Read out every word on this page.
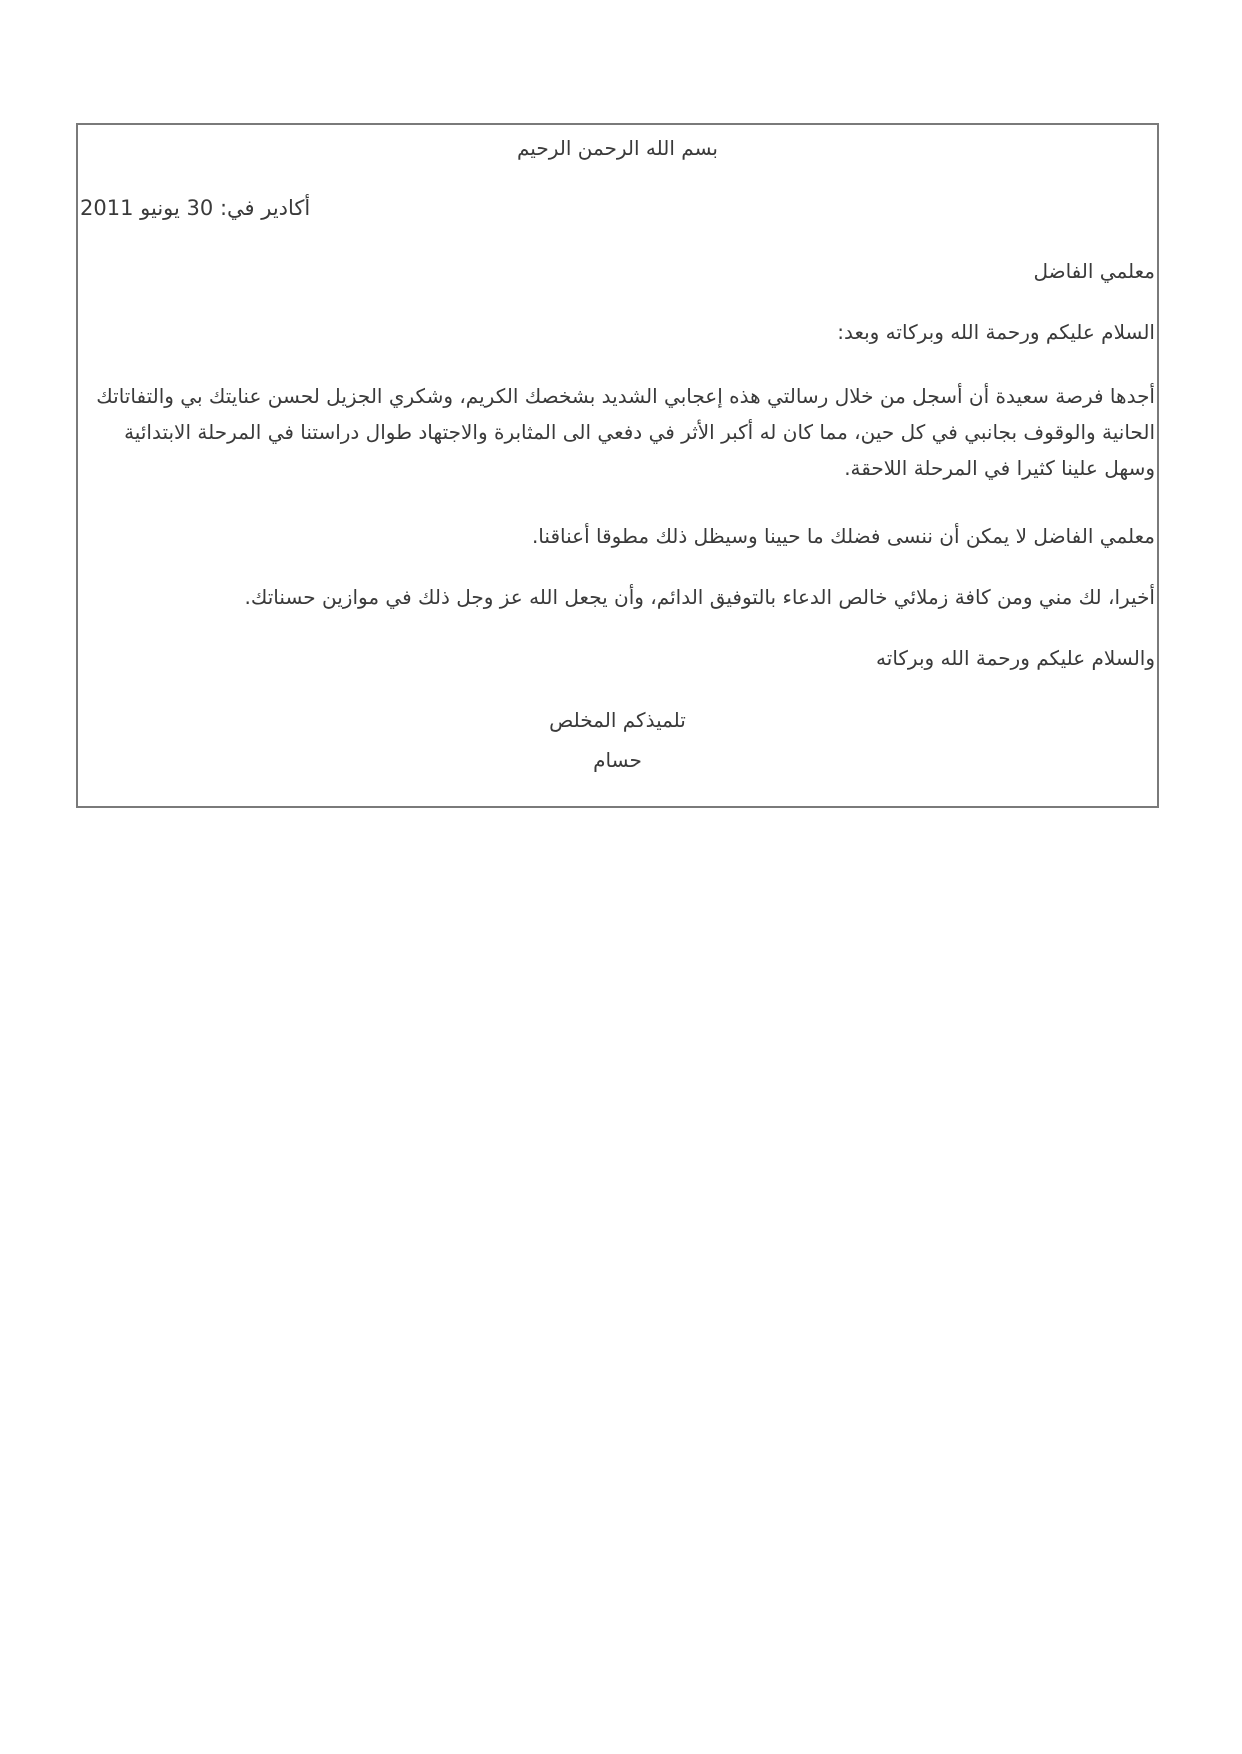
بسم الله الرحمن الرحيم
أكادير في: 30 يونيو 2011
معلمي الفاضل
السلام عليكم ورحمة الله وبركاته وبعد:
أجدها فرصة سعيدة أن أسجل من خلال رسالتي هذه إعجابي الشديد بشخصك الكريم، وشكري الجزيل لحسن عنايتك بي والتفاتاتك الحانية والوقوف بجانبي في كل حين، مما كان له أكبر الأثر في دفعي الى المثابرة والاجتهاد طوال دراستنا في المرحلة الابتدائية وسهل علينا كثيرا في المرحلة اللاحقة.
معلمي الفاضل لا يمكن أن ننسى فضلك ما حيينا وسيظل ذلك مطوقا أعناقنا.
أخيرا، لك مني ومن كافة زملائي خالص الدعاء بالتوفيق الدائم، وأن يجعل الله عز وجل ذلك في موازين حسناتك.
والسلام عليكم ورحمة الله وبركاته
تلميذكم المخلص
حسام
